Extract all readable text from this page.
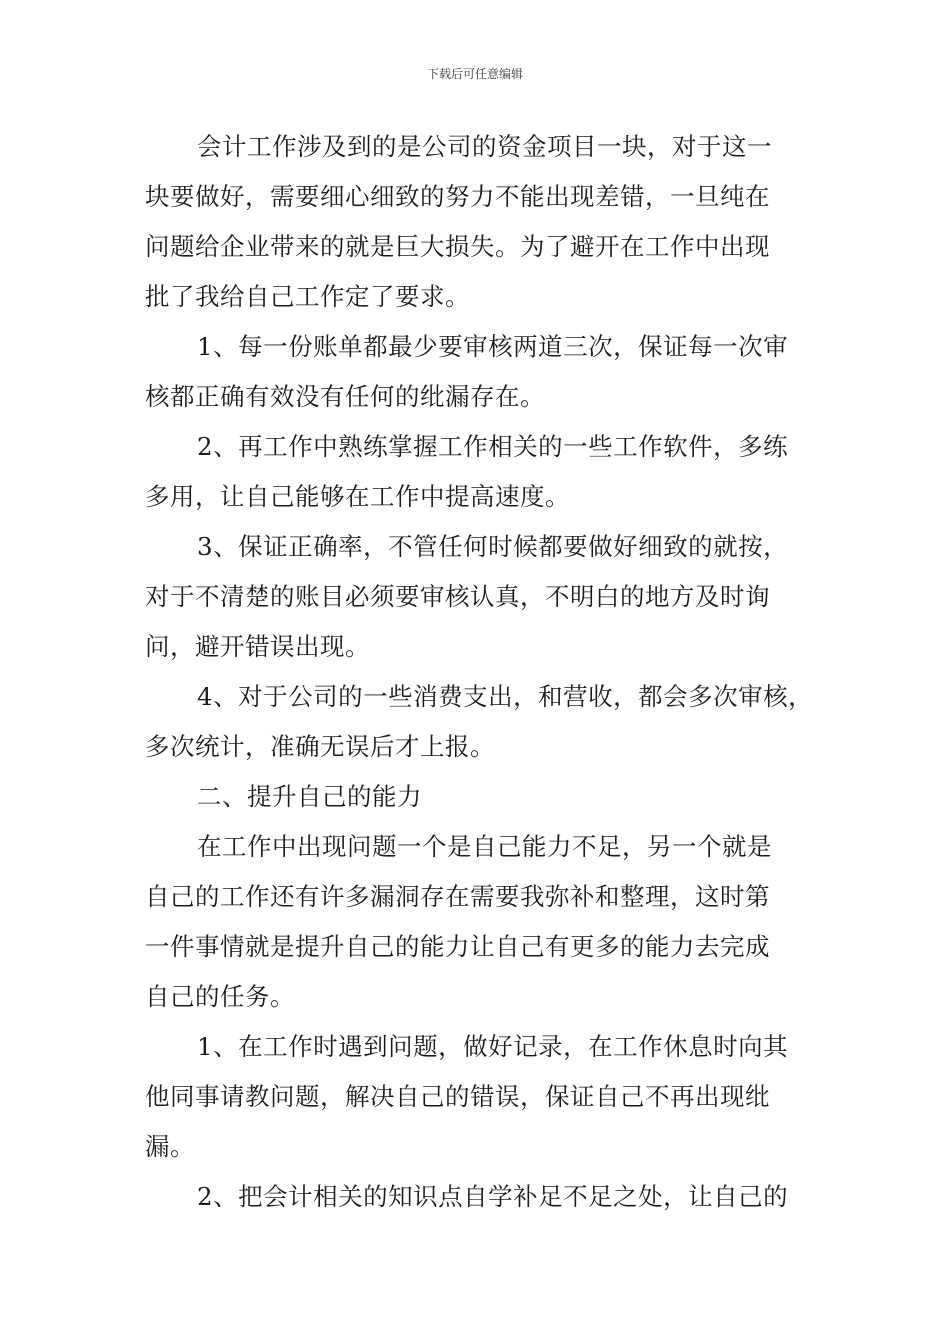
下载后可任意编辑
会计工作涉及到的是公司的资金项目一块，对于这一
块要做好，需要细心细致的努力不能出现差错，一旦纯在
问题给企业带来的就是巨大损失。为了避开在工作中出现
批了我给自己工作定了要求。
1、每一份账单都最少要审核两道三次，保证每一次审
核都正确有效没有任何的纰漏存在。
2、再工作中熟练掌握工作相关的一些工作软件，多练
多用，让自己能够在工作中提高速度。
3、保证正确率，不管任何时候都要做好细致的就按，
对于不清楚的账目必须要审核认真，不明白的地方及时询
问，避开错误出现。
4、对于公司的一些消费支出，和营收，都会多次审核，
多次统计，准确无误后才上报。
二、提升自己的能力
在工作中出现问题一个是自己能力不足，另一个就是
自己的工作还有许多漏洞存在需要我弥补和整理，这时第
一件事情就是提升自己的能力让自己有更多的能力去完成
自己的任务。
1、在工作时遇到问题，做好记录，在工作休息时向其
他同事请教问题，解决自己的错误，保证自己不再出现纰
漏。
2、把会计相关的知识点自学补足不足之处，让自己的
